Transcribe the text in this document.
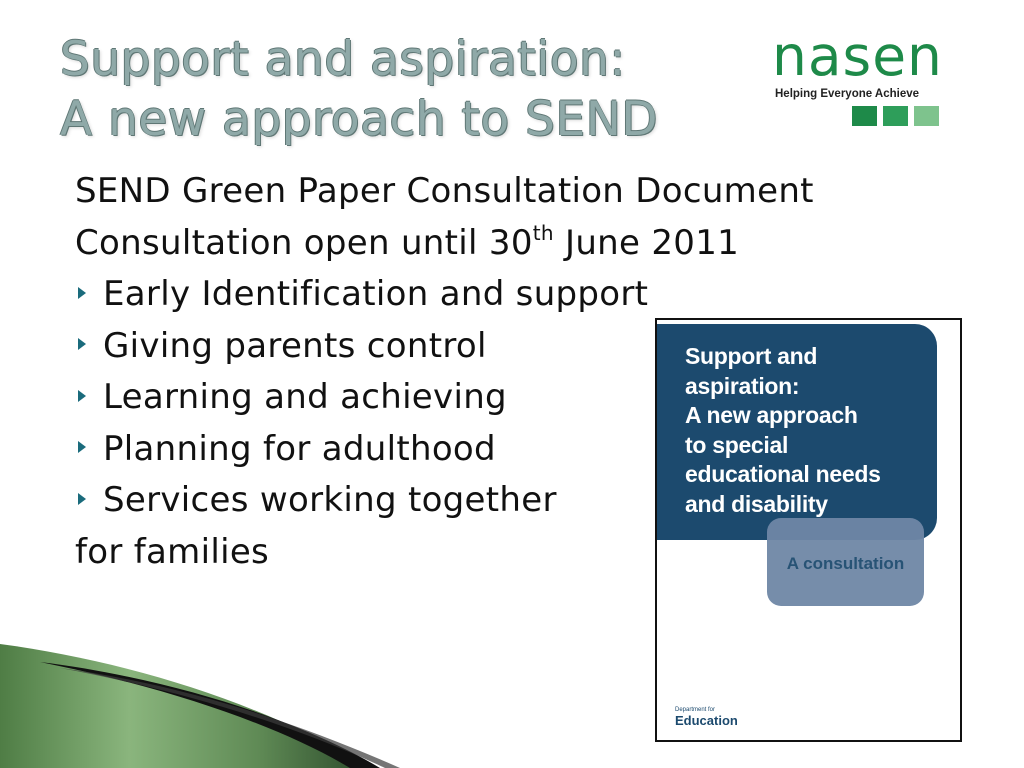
Support and aspiration:
A new approach to SEND
nasen
Helping Everyone Achieve
SEND Green Paper Consultation Document
Consultation open until 30th June 2011
Early Identification and support
Giving parents control
Learning and achieving
Planning for adulthood
Services working together
for families
Support and
aspiration:
A new approach
to special
educational needs
and disability
A consultation
Department for
Education
